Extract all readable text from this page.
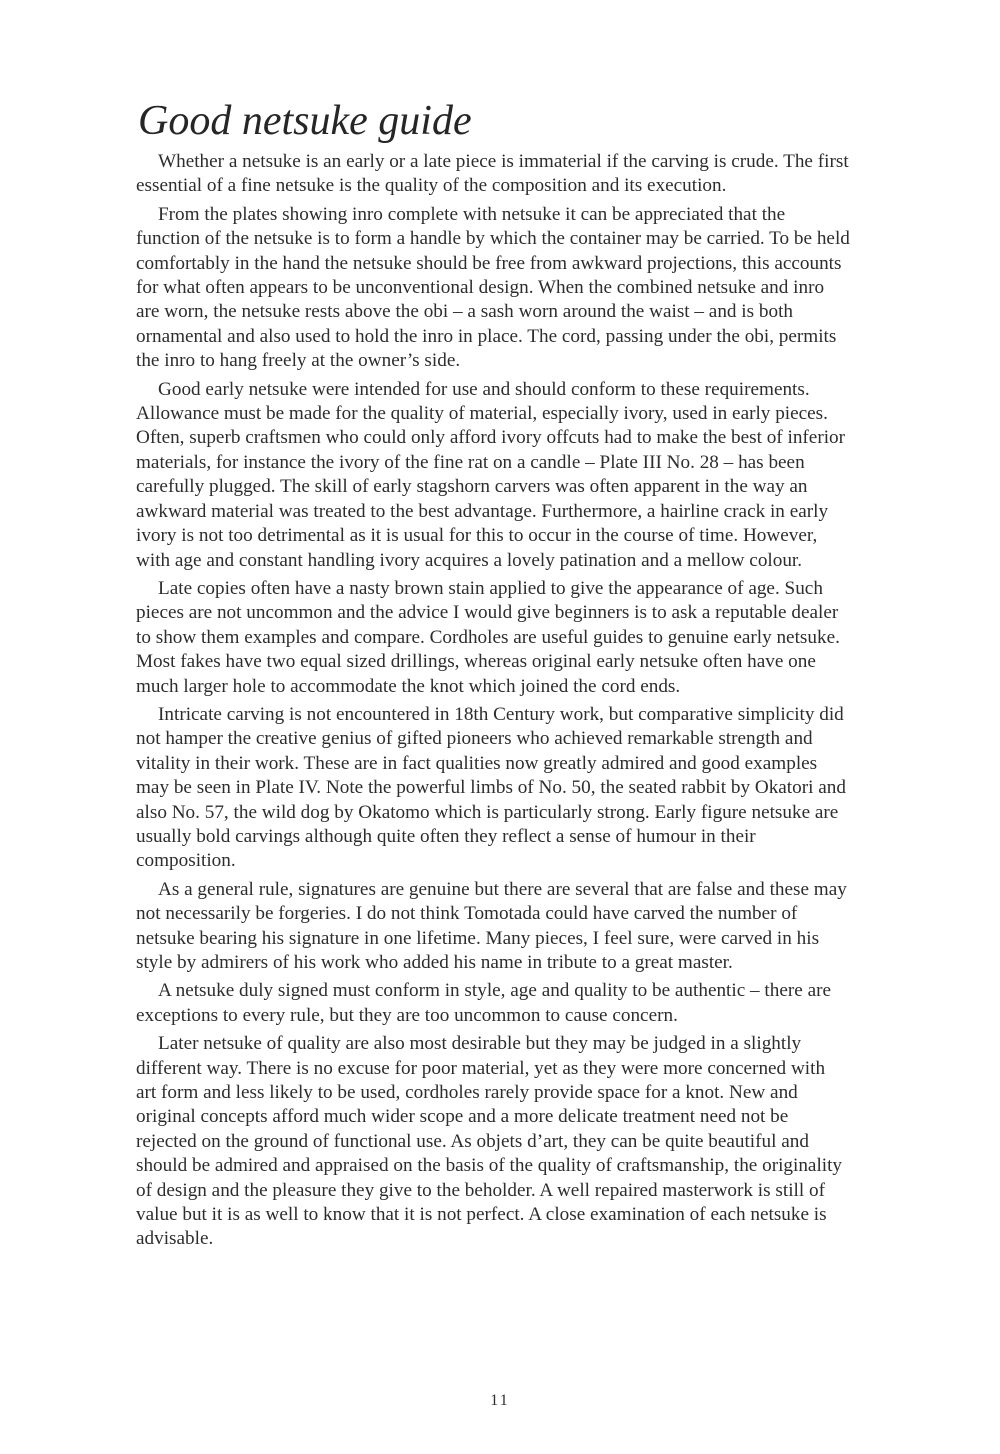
Good netsuke guide

Whether a netsuke is an early or a late piece is immaterial if the carving is crude. The first essential of a fine netsuke is the quality of the composition and its execution.

From the plates showing inro complete with netsuke it can be appreciated that the function of the netsuke is to form a handle by which the container may be carried. To be held comfortably in the hand the netsuke should be free from awkward projections, this accounts for what often appears to be unconventional design. When the combined netsuke and inro are worn, the netsuke rests above the obi – a sash worn around the waist – and is both ornamental and also used to hold the inro in place. The cord, passing under the obi, permits the inro to hang freely at the owner’s side.

Good early netsuke were intended for use and should conform to these requirements. Allowance must be made for the quality of material, especially ivory, used in early pieces. Often, superb craftsmen who could only afford ivory offcuts had to make the best of inferior materials, for instance the ivory of the fine rat on a candle – Plate III No. 28 – has been carefully plugged. The skill of early stagshorn carvers was often apparent in the way an awkward material was treated to the best advantage. Furthermore, a hairline crack in early ivory is not too detrimental as it is usual for this to occur in the course of time. However, with age and constant handling ivory acquires a lovely patination and a mellow colour.

Late copies often have a nasty brown stain applied to give the appearance of age. Such pieces are not uncommon and the advice I would give beginners is to ask a reputable dealer to show them examples and compare. Cordholes are useful guides to genuine early netsuke. Most fakes have two equal sized drillings, whereas original early netsuke often have one much larger hole to accommodate the knot which joined the cord ends.

Intricate carving is not encountered in 18th Century work, but comparative simplicity did not hamper the creative genius of gifted pioneers who achieved remarkable strength and vitality in their work. These are in fact qualities now greatly admired and good examples may be seen in Plate IV. Note the powerful limbs of No. 50, the seated rabbit by Okatori and also No. 57, the wild dog by Okatomo which is particularly strong. Early figure netsuke are usually bold carvings although quite often they reflect a sense of humour in their composition.

As a general rule, signatures are genuine but there are several that are false and these may not necessarily be forgeries. I do not think Tomotada could have carved the number of netsuke bearing his signature in one lifetime. Many pieces, I feel sure, were carved in his style by admirers of his work who added his name in tribute to a great master.

A netsuke duly signed must conform in style, age and quality to be authentic – there are exceptions to every rule, but they are too uncommon to cause concern.

Later netsuke of quality are also most desirable but they may be judged in a slightly different way. There is no excuse for poor material, yet as they were more concerned with art form and less likely to be used, cordholes rarely provide space for a knot. New and original concepts afford much wider scope and a more delicate treatment need not be rejected on the ground of functional use. As objets d’art, they can be quite beautiful and should be admired and appraised on the basis of the quality of craftsmanship, the originality of design and the pleasure they give to the beholder. A well repaired masterwork is still of value but it is as well to know that it is not perfect. A close examination of each netsuke is advisable.

11
